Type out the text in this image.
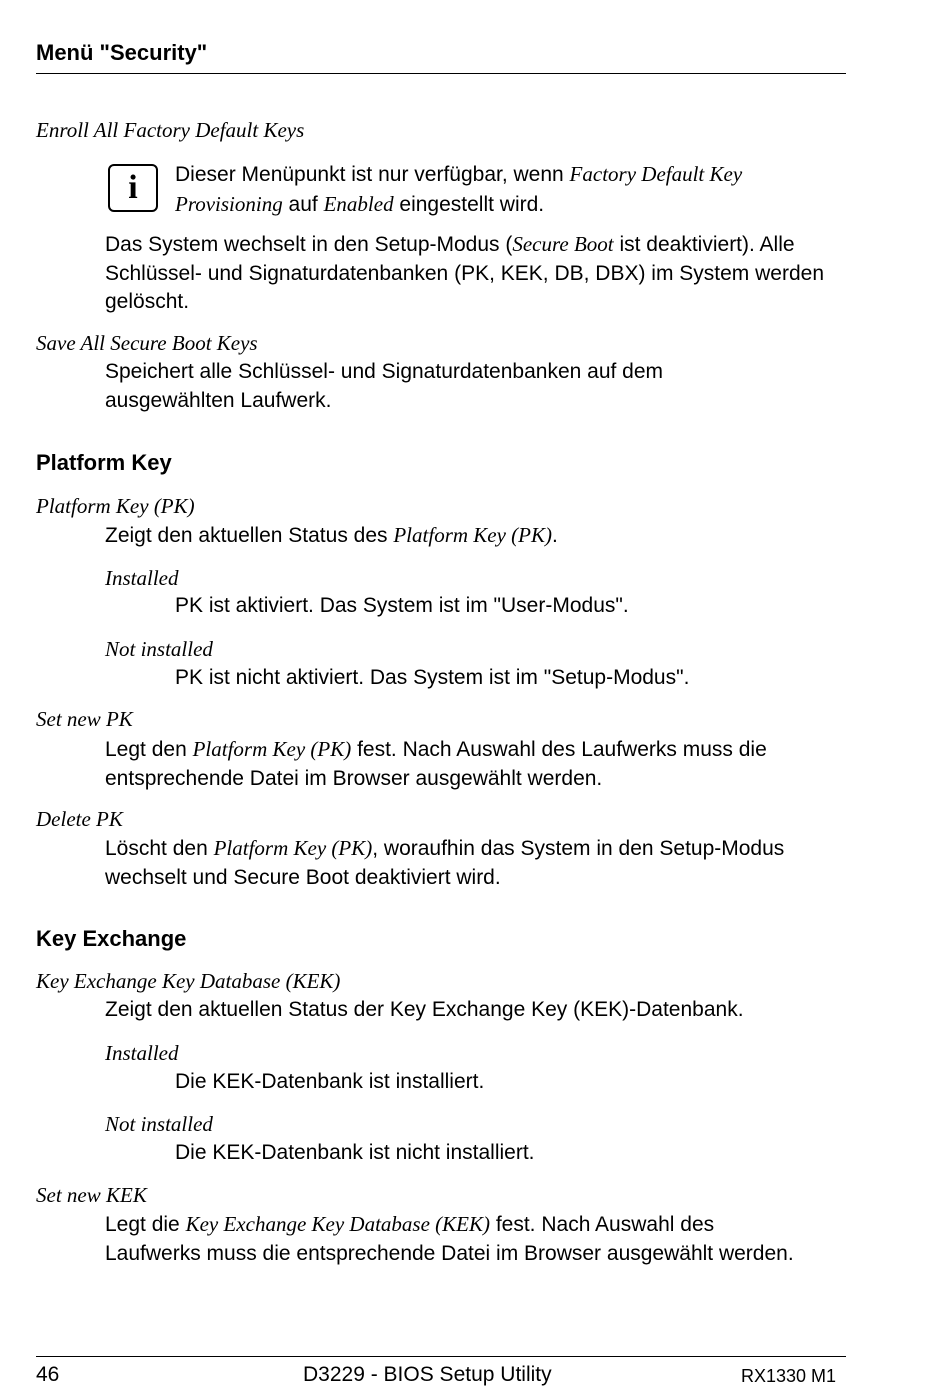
Menü "Security"
Enroll All Factory Default Keys
i Dieser Menüpunkt ist nur verfügbar, wenn Factory Default Key Provisioning auf Enabled eingestellt wird.
Das System wechselt in den Setup-Modus (Secure Boot ist deaktiviert). Alle Schlüssel- und Signaturdatenbanken (PK, KEK, DB, DBX) im System werden gelöscht.
Save All Secure Boot Keys
Speichert alle Schlüssel- und Signaturdatenbanken auf dem ausgewählten Laufwerk.
Platform Key
Platform Key (PK)
Zeigt den aktuellen Status des Platform Key (PK).
Installed
PK ist aktiviert. Das System ist im "User-Modus".
Not installed
PK ist nicht aktiviert. Das System ist im "Setup-Modus".
Set new PK
Legt den Platform Key (PK) fest. Nach Auswahl des Laufwerks muss die entsprechende Datei im Browser ausgewählt werden.
Delete PK
Löscht den Platform Key (PK), woraufhin das System in den Setup-Modus wechselt und Secure Boot deaktiviert wird.
Key Exchange
Key Exchange Key Database (KEK)
Zeigt den aktuellen Status der Key Exchange Key (KEK)-Datenbank.
Installed
Die KEK-Datenbank ist installiert.
Not installed
Die KEK-Datenbank ist nicht installiert.
Set new KEK
Legt die Key Exchange Key Database (KEK) fest. Nach Auswahl des Laufwerks muss die entsprechende Datei im Browser ausgewählt werden.
46	D3229 - BIOS Setup Utility	RX1330 M1
